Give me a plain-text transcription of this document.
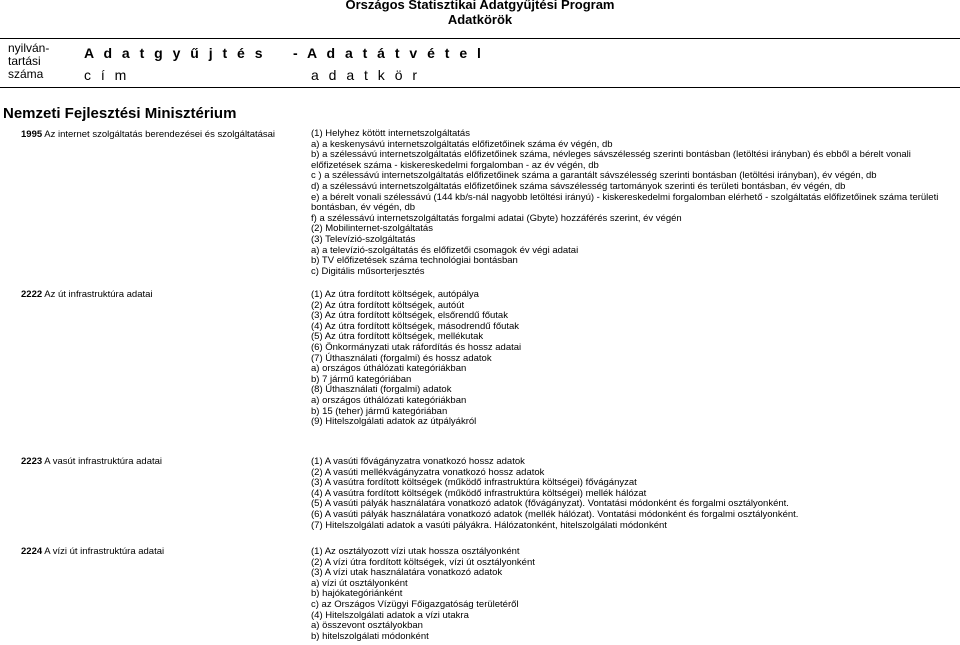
Országos Statisztikai Adatgyűjtési Program
Adatkörök
nyilván-
tartási
száma
A d a t g y ű j t é s
c í m
- A d a t á t v é t e l
a d a t k ö r
Nemzeti Fejlesztési Minisztérium
1995 Az internet szolgáltatás berendezései és szolgáltatásai	(1) Helyhez kötött internetszolgáltatás
a) a keskenysávú internetszolgáltatás előfizetőinek száma év végén, db
b) a szélessávú internetszolgáltatás előfizetőinek száma, névleges sávszélesség szerinti bontásban (letöltési irányban) és ebből a bérelt vonali előfizetések száma - kiskereskedelmi forgalomban - az év végén, db
c ) a szélessávú internetszolgáltatás előfizetőinek száma a garantált sávszélesség szerinti bontásban (letöltési irányban), év végén, db
d) a szélessávú internetszolgáltatás előfizetőinek száma sávszélesség tartományok szerinti és területi bontásban, év végén, db
e) a bérelt vonali szélessávú (144 kb/s-nál nagyobb letöltési irányú) - kiskereskedelmi forgalomban elérhető - szolgáltatás előfizetőinek száma területi bontásban, év végén, db
f) a szélessávú internetszolgáltatás forgalmi adatai (Gbyte) hozzáférés szerint, év végén
(2) Mobilinternet-szolgáltatás
(3) Televízió-szolgáltatás
a) a televízió-szolgáltatás és előfizetői csomagok év végi adatai
b) TV előfizetések száma technológiai bontásban
c) Digitális műsorterjesztés
2222 Az út infrastruktúra adatai	(1) Az útra fordított költségek, autópálya
(2) Az útra fordított költségek, autóút
(3) Az útra fordított költségek, elsőrendű főutak
(4) Az útra fordított költségek, másodrendű főutak
(5) Az útra fordított költségek, mellékutak
(6) Önkormányzati utak ráfordítás és hossz adatai
(7) Úthasználati (forgalmi) és hossz adatok
a) országos úthálózati kategóriákban
b) 7 jármű kategóriában
(8) Úthasználati (forgalmi) adatok
a) országos úthálózati kategóriákban
b) 15 (teher) jármű kategóriában
(9) Hitelszolgálati adatok az útpályákról
2223 A vasút infrastruktúra adatai	(1) A vasúti fővágányzatra vonatkozó hossz adatok
(2) A vasúti mellékvágányzatra vonatkozó hossz adatok
(3) A vasútra fordított költségek (működő infrastruktúra költségei) fővágányzat
(4) A vasútra fordított költségek (működő infrastruktúra költségei) mellék hálózat
(5) A vasúti pályák használatára vonatkozó adatok (fővágányzat). Vontatási módonként és forgalmi osztályonként.
(6) A vasúti pályák használatára vonatkozó adatok (mellék hálózat). Vontatási módonként és forgalmi osztályonként.
(7) Hitelszolgálati adatok a vasúti pályákra. Hálózatonként, hitelszolgálati módonként
2224 A vízi út infrastruktúra adatai	(1) Az osztályozott vízi utak hossza osztályonként
(2) A vízi útra fordított költségek, vízi út osztályonként
(3) A vízi utak használatára vonatkozó adatok
a) vízi út osztályonként
b) hajókategóriánként
c) az Országos Vízügyi Főigazgatóság területéről
(4) Hitelszolgálati adatok a vízi utakra
a) összevont osztályokban
b) hitelszolgálati módonként
